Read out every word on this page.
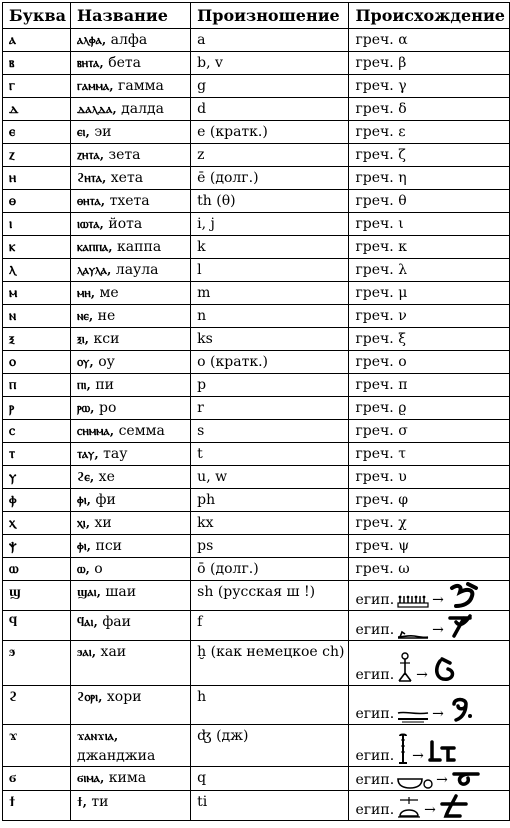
Буква	Название	Произношение	Происхождение
ⲁ	ⲁⲗⲫⲁ, алфа	a	греч. α
ⲃ	ⲃⲏⲧⲁ, бета	b, v	греч. β
ⲅ	ⲅⲁⲙⲙⲁ, гамма	g	греч. γ
ⲇ	ⲇⲁⲗⲇⲁ, далда	d	греч. δ
ⲉ	ⲉⲓ, эи	e (кратк.)	греч. ε
ⲍ	ⲍⲏⲧⲁ, зета	z	греч. ζ
ⲏ	ϩⲏⲧⲁ, хета	ē (долг.)	греч. η
ⲑ	ⲑⲏⲧⲁ, тхета	th (θ)	греч. θ
ⲓ	ⲓⲱⲧⲁ, йота	i, j	греч. ι
ⲕ	ⲕⲁⲡⲡⲁ, каппа	k	греч. κ
ⲗ	ⲗⲁⲩⲗⲁ, лаула	l	греч. λ
ⲙ	ⲙⲏ, ме	m	греч. μ
ⲛ	ⲛⲉ, не	n	греч. ν
ⲝ	ⲝⲓ, кси	ks	греч. ξ
ⲟ	ⲟⲩ, оу	o (кратк.)	греч. ο
ⲡ	ⲡⲓ, пи	p	греч. π
ⲣ	ⲣⲱ, ро	r	греч. ϱ
ⲥ	ⲥⲏⲙⲙⲁ, семма	s	греч. σ
ⲧ	ⲧⲁⲩ, тау	t	греч. τ
ⲩ	ϩⲉ, хе	u, w	греч. υ
ⲫ	ⲫⲓ, фи	ph	греч. φ
ⲭ	ⲭⲓ, хи	kx	греч. χ
ⲯ	ⲫⲓ, пси	ps	греч. ψ
ⲱ	ⲱ, о	ō (долг.)	греч. ω
ϣ	ϣⲁⲓ, шаи	sh (русская ш !)	егип. →

ϥ	ϥⲁⲓ, фаи	f	егип. →

ϧ	ϧⲁⲓ, хаи	ḫ (как немецкое ch)	егип. →

ϩ	ϩⲟⲣⲓ, хори	h	егип. →

ϫ	ϫⲁⲛϫⲓⲁ,
джанджиа	ʤ (дж)	егип. →

ϭ	ϭⲓⲙⲁ, кима	q	егип. →

ϯ	ϯ, ти	ti	егип. →
